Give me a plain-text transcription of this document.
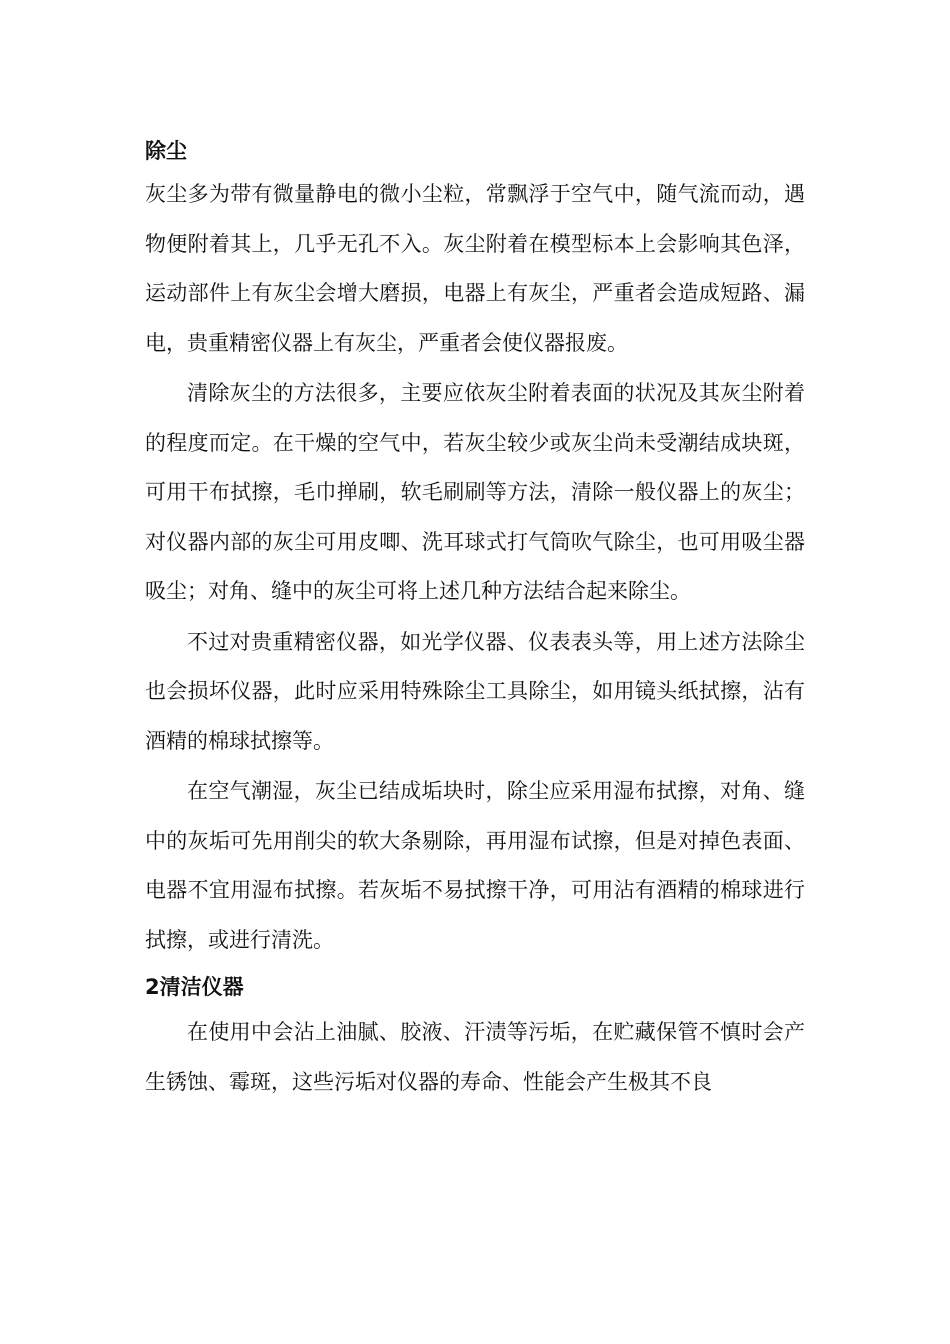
除尘

灰尘多为带有微量静电的微小尘粒，常飘浮于空气中，随气流而动，遇物便附着其上，几乎无孔不入。灰尘附着在模型标本上会影响其色泽，运动部件上有灰尘会增大磨损，电器上有灰尘，严重者会造成短路、漏电，贵重精密仪器上有灰尘，严重者会使仪器报废。

清除灰尘的方法很多，主要应依灰尘附着表面的状况及其灰尘附着的程度而定。在干燥的空气中，若灰尘较少或灰尘尚未受潮结成块斑，可用干布拭擦，毛巾掸刷，软毛刷刷等方法，清除一般仪器上的灰尘；对仪器内部的灰尘可用皮唧、洗耳球式打气筒吹气除尘，也可用吸尘器吸尘；对角、缝中的灰尘可将上述几种方法结合起来除尘。

不过对贵重精密仪器，如光学仪器、仪表表头等，用上述方法除尘也会损坏仪器，此时应采用特殊除尘工具除尘，如用镜头纸拭擦，沾有酒精的棉球拭擦等。

在空气潮湿，灰尘已结成垢块时，除尘应采用湿布拭擦，对角、缝中的灰垢可先用削尖的软大条剔除，再用湿布试擦，但是对掉色表面、电器不宜用湿布拭擦。若灰垢不易拭擦干净，可用沾有酒精的棉球进行拭擦，或进行清洗。

2清洁仪器

在使用中会沾上油腻、胶液、汗渍等污垢，在贮藏保管不慎时会产生锈蚀、霉斑，这些污垢对仪器的寿命、性能会产生极其不良
